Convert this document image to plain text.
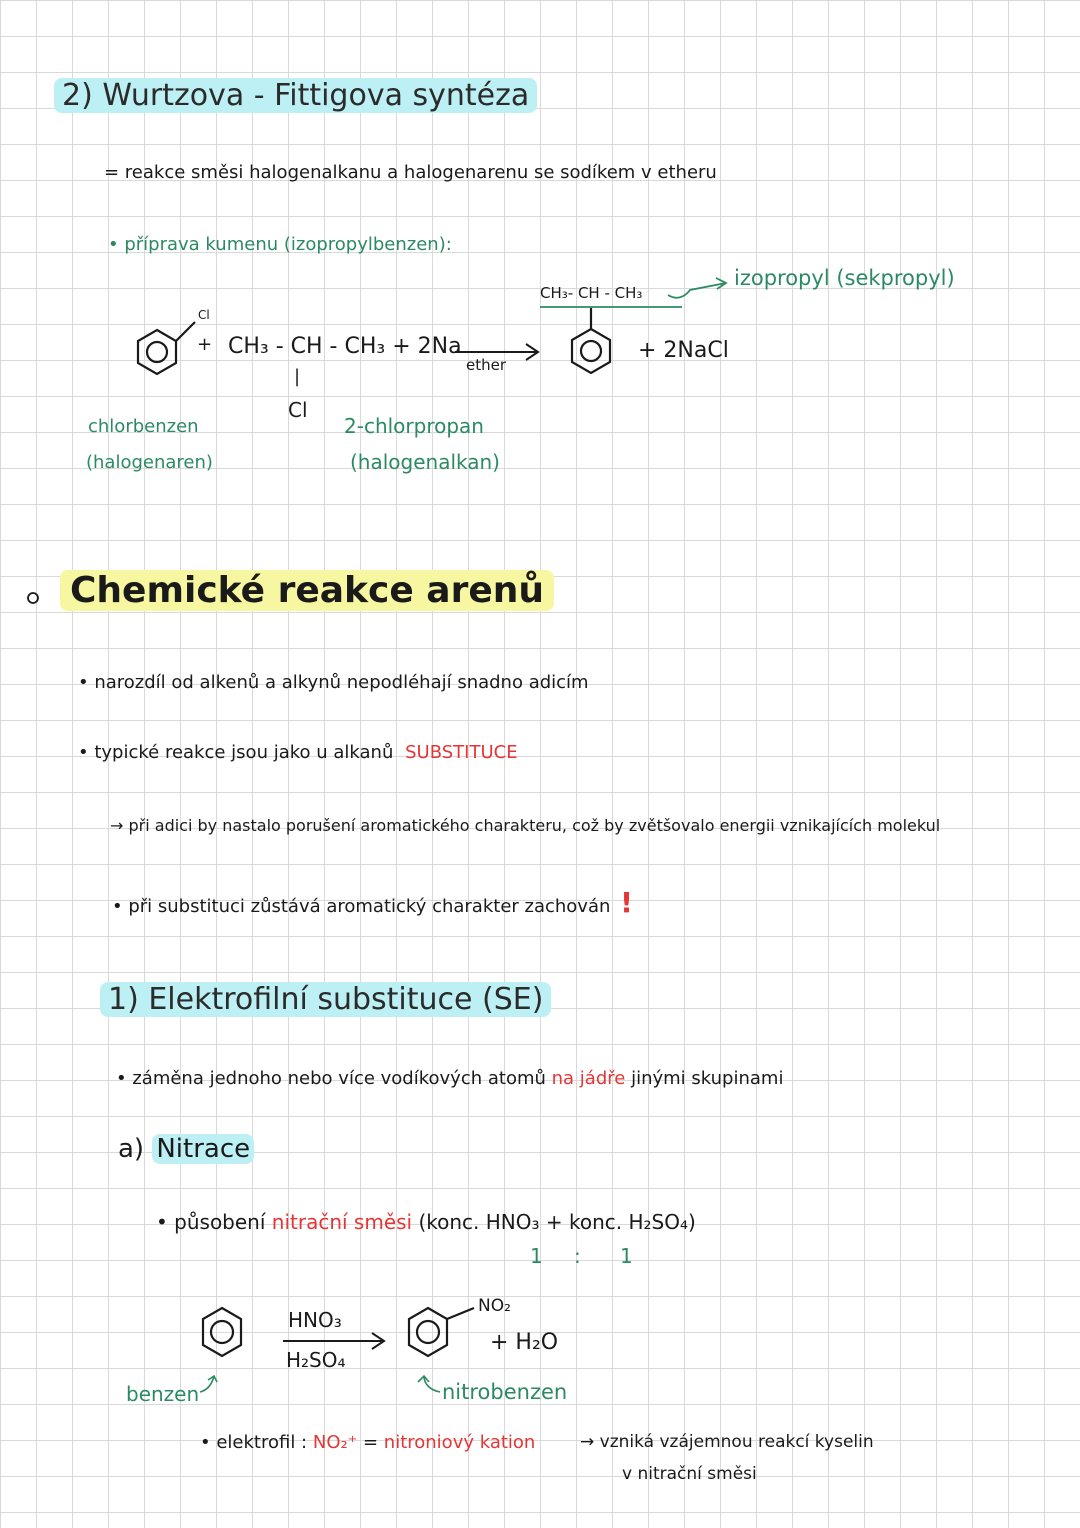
2) Wurtzova - Fittigova syntéza
= reakce směsi halogenalkanu a halogenarenu se sodíkem v etheru
• příprava kumenu (izopropylbenzen):
Cl
+ CH₃ - CH - CH₃ + 2Na
|
Cl
ether
CH₃- CH - CH₃
+ 2NaCl
izopropyl (sekpropyl)
chlorbenzen
(halogenaren)
2-chlorpropan
(halogenalkan)
Chemické reakce arenů
• narozdíl od alkenů a alkynů nepodléhají snadno adicím
• typické reakce jsou jako u alkanů SUBSTITUCE
→ při adici by nastalo porušení aromatického charakteru, což by zvětšovalo energii vznikajících molekul
• při substituci zůstává aromatický charakter zachován !
1) Elektrofilní substituce (SE)
• záměna jednoho nebo více vodíkových atomů na jádře jinými skupinami
a) Nitrace
• působení nitrační směsi (konc. HNO₃ + konc. H₂SO₄)
1 : 1
HNO₃
H₂SO₄
NO₂
+ H₂O
benzen	nitrobenzen
• elektrofil : NO₂⁺ = nitroniový kation	→ vzniká vzájemnou reakcí kyselin
v nitrační směsi
